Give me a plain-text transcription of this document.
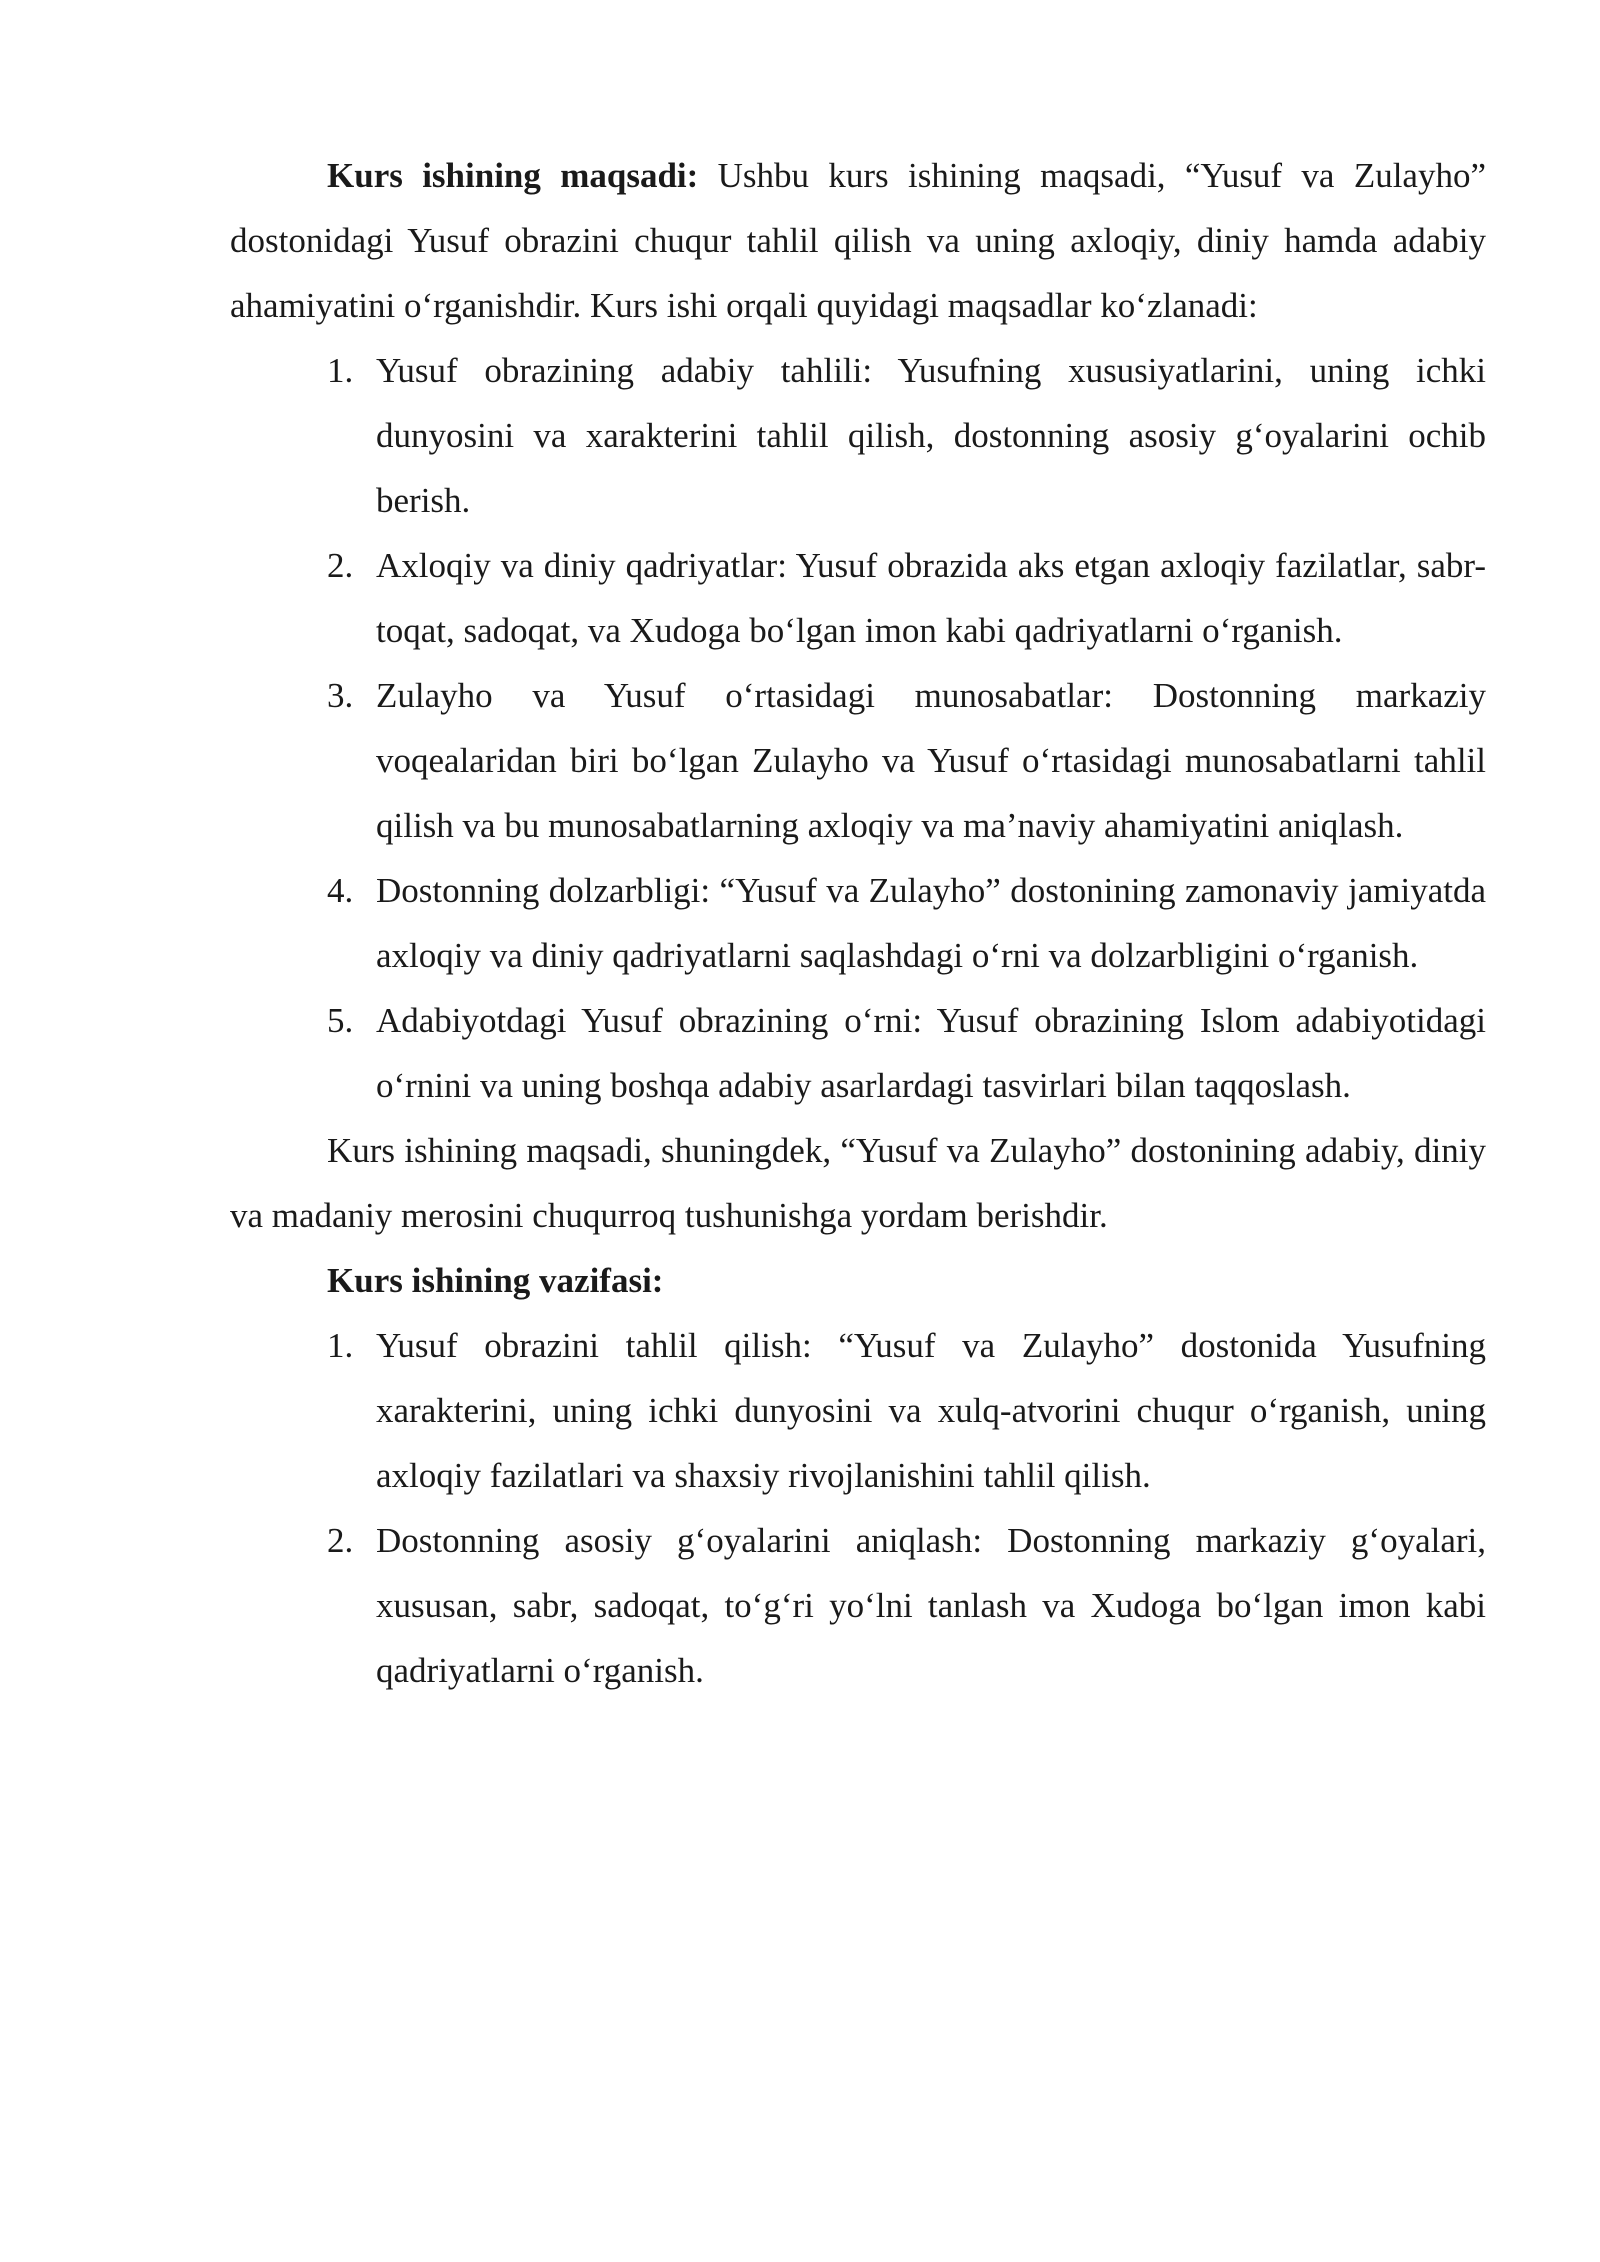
Kurs ishining maqsadi: Ushbu kurs ishining maqsadi, “Yusuf va Zulayho” dostonidagi Yusuf obrazini chuqur tahlil qilish va uning axloqiy, diniy hamda adabiy ahamiyatini o‘rganishdir. Kurs ishi orqali quyidagi maqsadlar ko‘zlanadi:

1. Yusuf obrazining adabiy tahlili: Yusufning xususiyatlarini, uning ichki dunyosini va xarakterini tahlil qilish, dostonning asosiy g‘oyalarini ochib berish.
2. Axloqiy va diniy qadriyatlar: Yusuf obrazida aks etgan axloqiy fazilatlar, sabr-toqat, sadoqat, va Xudoga bo‘lgan imon kabi qadriyatlarni o‘rganish.
3. Zulayho va Yusuf o‘rtasidagi munosabatlar: Dostonning markaziy voqealaridan biri bo‘lgan Zulayho va Yusuf o‘rtasidagi munosabatlarni tahlil qilish va bu munosabatlarning axloqiy va ma’naviy ahamiyatini aniqlash.
4. Dostonning dolzarbligi: “Yusuf va Zulayho” dostonining zamonaviy jamiyatda axloqiy va diniy qadriyatlarni saqlashdagi o‘rni va dolzarbligini o‘rganish.
5. Adabiyotdagi Yusuf obrazining o‘rni: Yusuf obrazining Islom adabiyotidagi o‘rnini va uning boshqa adabiy asarlardagi tasvirlari bilan taqqoslash.

Kurs ishining maqsadi, shuningdek, “Yusuf va Zulayho” dostonining adabiy, diniy va madaniy merosini chuqurroq tushunishga yordam berishdir.

Kurs ishining vazifasi:

1. Yusuf obrazini tahlil qilish: “Yusuf va Zulayho” dostonida Yusufning xarakterini, uning ichki dunyosini va xulq-atvorini chuqur o‘rganish, uning axloqiy fazilatlari va shaxsiy rivojlanishini tahlil qilish.
2. Dostonning asosiy g‘oyalarini aniqlash: Dostonning markaziy g‘oyalari, xususan, sabr, sadoqat, to‘g‘ri yo‘lni tanlash va Xudoga bo‘lgan imon kabi qadriyatlarni o‘rganish.
